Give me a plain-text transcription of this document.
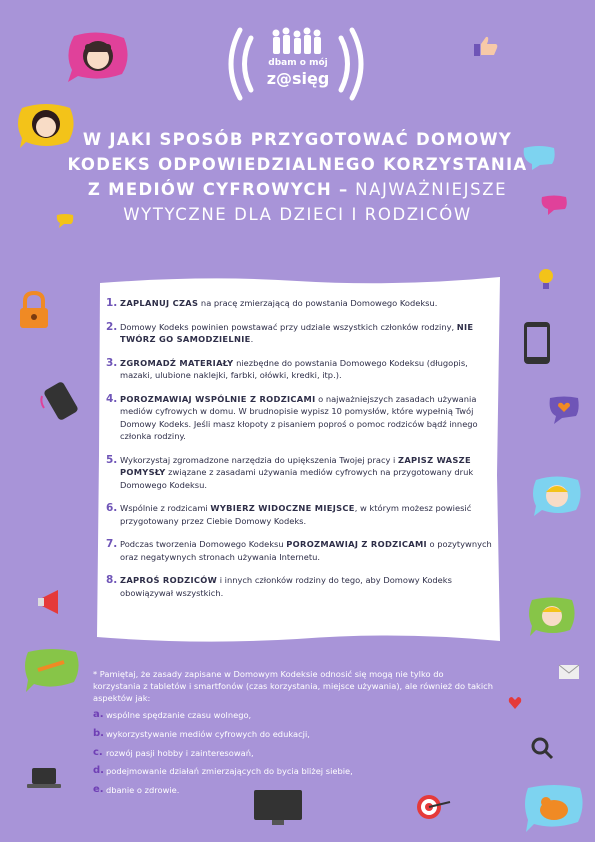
dbam o mój
z@sięg
W JAKI SPOSÓB PRZYGOTOWAĆ DOMOWY KODEKS ODPOWIEDZIALNEGO KORZYSTANIA Z MEDIÓW CYFROWYCH – NAJWAŻNIEJSZE WYTYCZNE DLA DZIECI I RODZICÓW
1. ZAPLANUJ CZAS na pracę zmierzającą do powstania Domowego Kodeksu.
2. Domowy Kodeks powinien powstawać przy udziale wszystkich członków rodziny, NIE TWÓRZ GO SAMODZIELNIE.
3. ZGROMADŹ MATERIAŁY niezbędne do powstania Domowego Kodeksu (długopis, mazaki, ulubione naklejki, farbki, ołówki, kredki, itp.).
4. POROZMAWIAJ WSPÓLNIE Z RODZICAMI o najważniejszych zasadach używania mediów cyfrowych w domu. W brudnopisie wypisz 10 pomysłów, które wypełnią Twój Domowy Kodeks. Jeśli masz kłopoty z pisaniem poproś o pomoc rodziców bądź innego członka rodziny.
5. Wykorzystaj zgromadzone narzędzia do upiększenia Twojej pracy i ZAPISZ WASZE POMYSŁY związane z zasadami używania mediów cyfrowych na przygotowany druk Domowego Kodeksu.
6. Wspólnie z rodzicami WYBIERZ WIDOCZNE MIEJSCE, w którym możesz powiesić przygotowany przez Ciebie Domowy Kodeks.
7. Podczas tworzenia Domowego Kodeksu POROZMAWIAJ Z RODZICAMI o pozytywnych oraz negatywnych stronach używania Internetu.
8. ZAPROŚ RODZICÓW i innych członków rodziny do tego, aby Domowy Kodeks obowiązywał wszystkich.
* Pamiętaj, że zasady zapisane w Domowym Kodeksie odnosić się mogą nie tylko do korzystania z tabletów i smartfonów (czas korzystania, miejsce używania), ale również do takich aspektów jak:
a. wspólne spędzanie czasu wolnego,
b. wykorzystywanie mediów cyfrowych do edukacji,
c. rozwój pasji hobby i zainteresowań,
d. podejmowanie działań zmierzających do bycia bliżej siebie,
e. dbanie o zdrowie.
